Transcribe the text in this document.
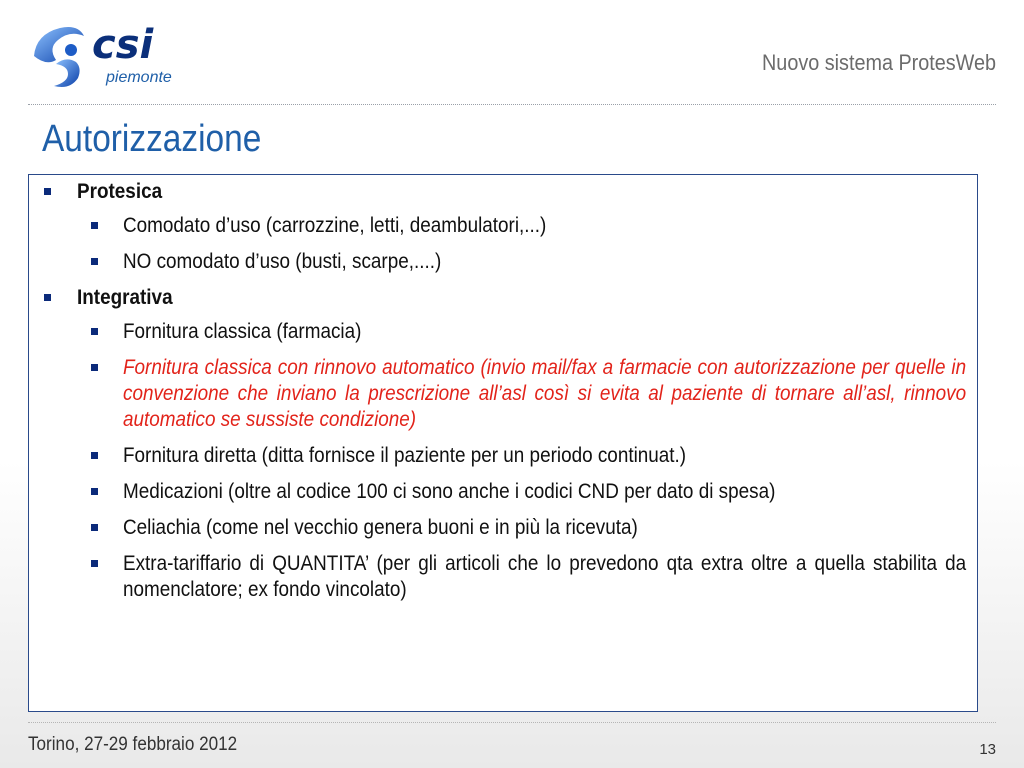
csi
piemonte
Nuovo sistema ProtesWeb
Autorizzazione
Protesica
Comodato d’uso (carrozzine, letti, deambulatori,...)
NO comodato d’uso (busti, scarpe,....)
Integrativa
Fornitura classica (farmacia)
Fornitura classica con rinnovo automatico (invio mail/fax a farmacie con autorizzazione per quelle in convenzione che inviano la prescrizione all’asl così si evita al paziente di tornare all’asl, rinnovo automatico se sussiste condizione)
Fornitura diretta (ditta fornisce il paziente per un periodo continuat.)
Medicazioni (oltre al codice 100 ci sono anche i codici CND per dato di spesa)
Celiachia (come nel vecchio genera buoni e in più la ricevuta)
Extra-tariffario di QUANTITA’ (per gli articoli che lo prevedono qta extra oltre a quella stabilita da nomenclatore; ex fondo vincolato)
Torino, 27-29 febbraio 2012	13
